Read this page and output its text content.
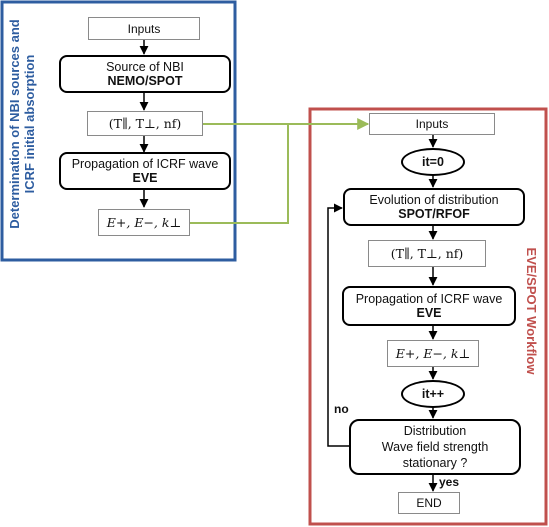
Determination of NBI sources and ICRF initial absorption
Inputs
Source of NBI
NEMO/SPOT
(T∥, T⊥, nf)
Propagation of ICRF wave
EVE
E+, E−, k⊥
EVE/SPOT Workflow
Inputs
it=0
Evolution of distribution
SPOT/RFOF
(T∥, T⊥, nf)
Propagation of ICRF wave
EVE
E+, E−, k⊥
it++
Distribution
Wave field strength
stationary ?
END
no
yes
